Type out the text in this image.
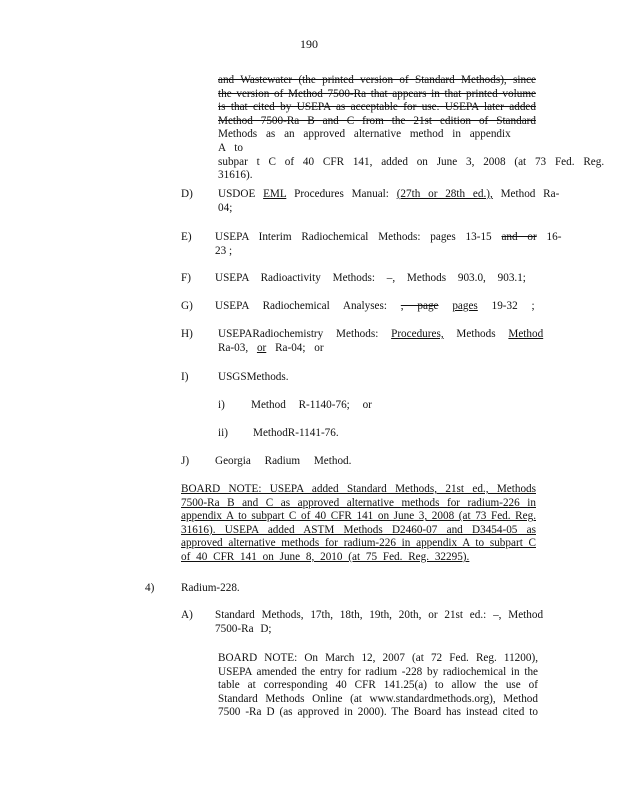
190
and Wastewater (the printed version of Standard Methods), since
the version of Method 7500-Ra that appears in that printed volume
is that cited by USEPA as acceptable for use. USEPA later added
Method 7500-Ra B and C from the 21st edition of Standard
Methods as an approved alternative method in appendix A to
subpar t C of 40 CFR 141, added on June 3, 2008 (at 73 Fed. Reg.
31616).
D)	USDOE EML Procedures Manual: (27th or 28th ed.), Method Ra-
04;
E)	USEPA Interim Radiochemical Methods: pages 13-15 and or 16-
23 ;
F)	USEPA Radioactivity Methods: –, Methods 903.0, 903.1;
G)	USEPA Radiochemical Analyses: , page pages 19-32 ;
H)	USEPARadiochemistry Methods: Procedures, Methods Method
Ra-03, or Ra-04; or
I)	USGSMethods.
i) Method R-1140-76; or
ii) MethodR-1141-76.
J)	Georgia Radium Method.
BOARD NOTE: USEPA added Standard Methods, 21st ed., Methods
7500-Ra B and C as approved alternative methods for radium-226 in
appendix A to subpart C of 40 CFR 141 on June 3, 2008 (at 73 Fed. Reg.
31616). USEPA added ASTM Methods D2460-07 and D3454-05 as
approved alternative methods for radium-226 in appendix A to subpart C
of 40 CFR 141 on June 8, 2010 (at 75 Fed. Reg. 32295).
4) Radium-228.
A)	Standard Methods, 17th, 18th, 19th, 20th, or 21st ed.: –, Method
7500-Ra D;
BOARD NOTE: On March 12, 2007 (at 72 Fed. Reg. 11200),
USEPA amended the entry for radium -228 by radiochemical in the
table at corresponding 40 CFR 141.25(a) to allow the use of
Standard Methods Online (at www.standardmethods.org), Method
7500 -Ra D (as approved in 2000). The Board has instead cited to
